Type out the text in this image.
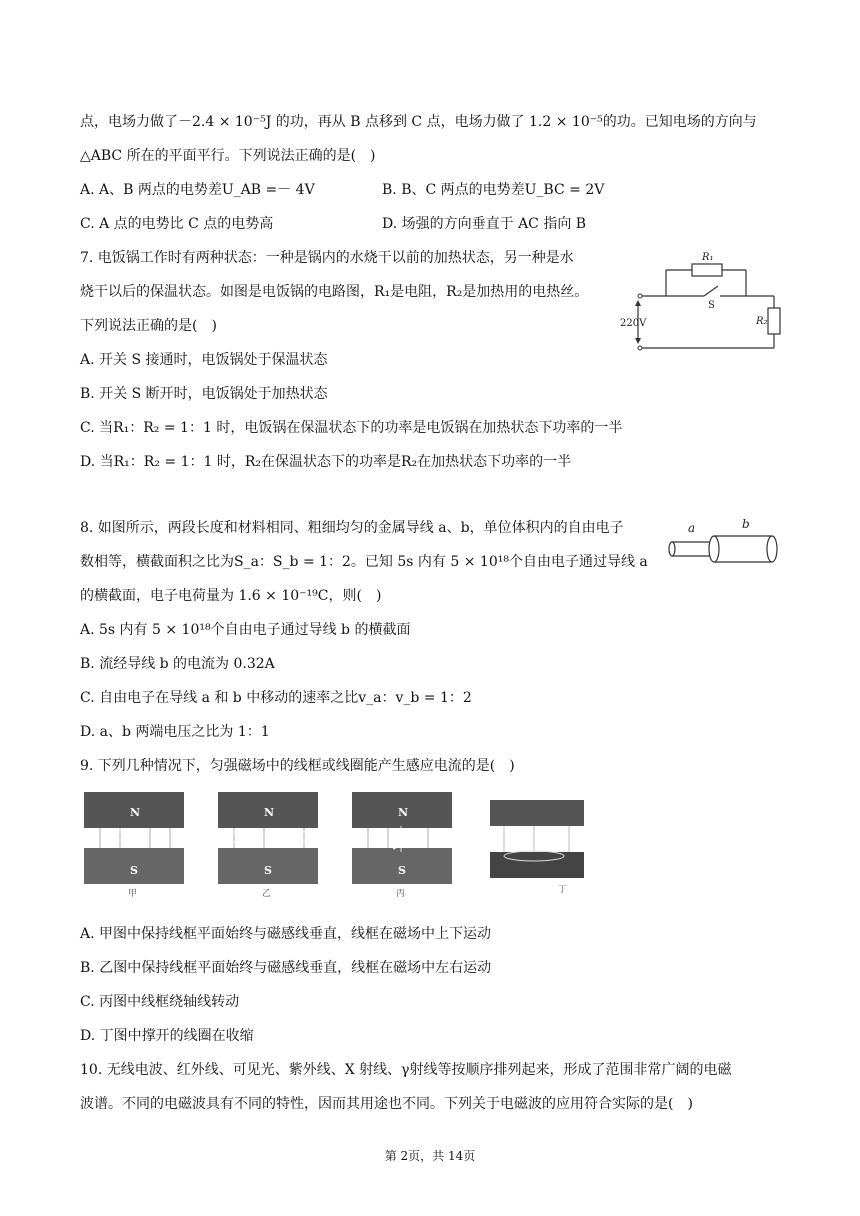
点，电场力做了－2.4 × 10⁻⁵J 的功，再从 B 点移到 C 点，电场力做了 1.2 × 10⁻⁵的功。已知电场的方向与
△ABC 所在的平面平行。下列说法正确的是(　)
A. A、B 两点的电势差U_AB =－ 4V	B. B、C 两点的电势差U_BC = 2V
C. A 点的电势比 C 点的电势高	D. 场强的方向垂直于 AC 指向 B
7. 电饭锅工作时有两种状态：一种是锅内的水烧干以前的加热状态，另一种是水
烧干以后的保温状态。如图是电饭锅的电路图，R₁是电阻，R₂是加热用的电热丝。
下列说法正确的是(　)
A. 开关 S 接通时，电饭锅处于保温状态
B. 开关 S 断开时，电饭锅处于加热状态
C. 当R₁：R₂ = 1：1 时，电饭锅在保温状态下的功率是电饭锅在加热状态下功率的一半
D. 当R₁：R₂ = 1：1 时，R₂在保温状态下的功率是R₂在加热状态下功率的一半
R₁
S
R₂
220V
8. 如图所示，两段长度和材料相同、粗细均匀的金属导线 a、b，单位体积内的自由电子
数相等，横截面积之比为S_a：S_b = 1：2。已知 5s 内有 5 × 10¹⁸个自由电子通过导线 a
的横截面，电子电荷量为 1.6 × 10⁻¹⁹C，则(　)
A. 5s 内有 5 × 10¹⁸个自由电子通过导线 b 的横截面
B. 流经导线 b 的电流为 0.32A
C. 自由电子在导线 a 和 b 中移动的速率之比v_a：v_b = 1：2
D. a、b 两端电压之比为 1：1
a	b
9. 下列几种情况下，匀强磁场中的线框或线圈能产生感应电流的是(　)
N
S
甲
N
S
乙
N
S
丙	丁
A. 甲图中保持线框平面始终与磁感线垂直，线框在磁场中上下运动
B. 乙图中保持线框平面始终与磁感线垂直，线框在磁场中左右运动
C. 丙图中线框绕轴线转动
D. 丁图中撑开的线圈在收缩
10. 无线电波、红外线、可见光、紫外线、X 射线、γ射线等按顺序排列起来，形成了范围非常广阔的电磁
波谱。不同的电磁波具有不同的特性，因而其用途也不同。下列关于电磁波的应用符合实际的是(　)
第 2页，共 14页
